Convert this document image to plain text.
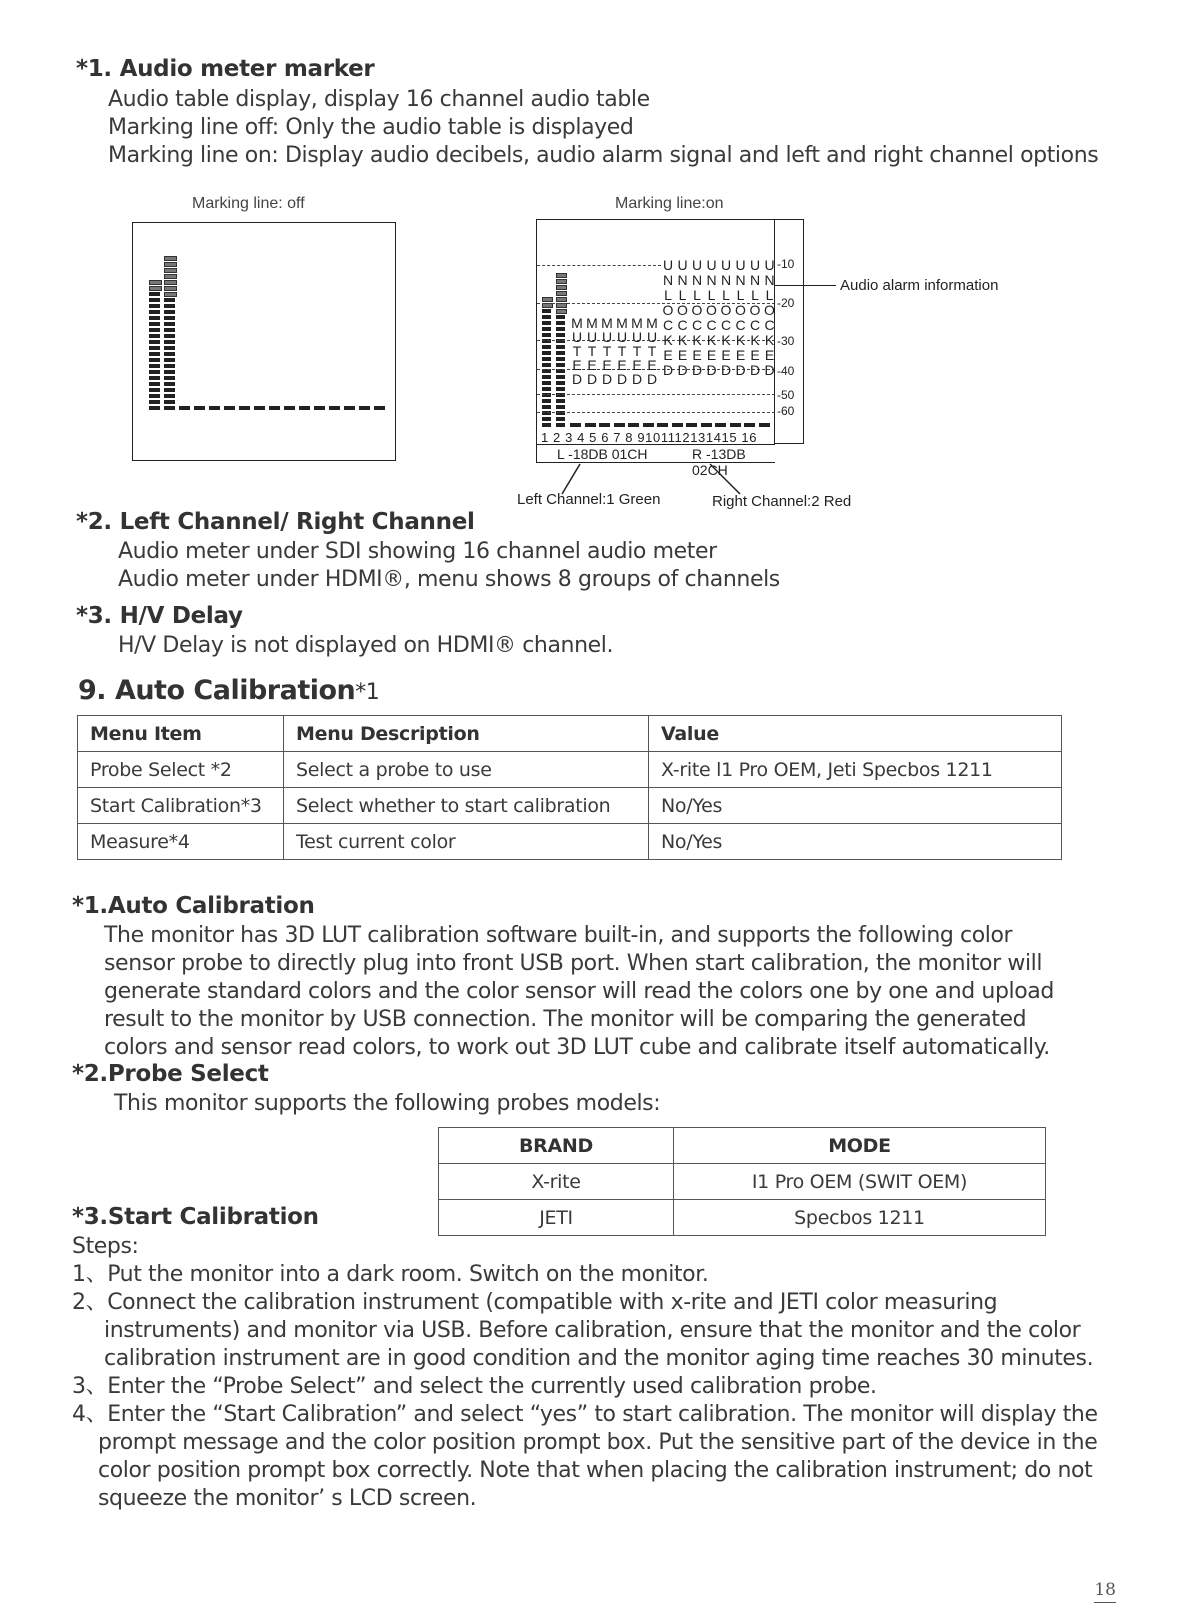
*1. Audio meter marker
Audio table display, display 16 channel audio table
Marking line off: Only the audio table is displayed
Marking line on: Display audio decibels, audio alarm signal and left and right channel options
Marking line: off	Marking line:on
M
U
T
E
D
M
U
T
E
D
M
U
T
E
D
M
U
T
E
D
M
U
T
E
D
M
U
T
E
D
U
N
L
O
C
K
E
D
U
N
L
O
C
K
E
D
U
N
L
O
C
K
E
D
U
N
L
O
C
K
E
D
U
N
L
O
C
K
E
D
U
N
L
O
C
K
E
D
U
N
L
O
C
K
E
D
U
N
L
O
C
K
E
D
1 2 3 4 5 6 7 8 9101112131415 16
L -18DB 01CH	R -13DB 02CH
-10
-20
-30
-40
-50
-60
Audio alarm information
Left Channel:1 Green	Right Channel:2 Red
*2. Left Channel/ Right Channel
Audio meter under SDI showing 16 channel audio meter
Audio meter under HDMI®, menu shows 8 groups of channels
*3. H/V Delay
H/V Delay is not displayed on HDMI® channel.
9. Auto Calibration*1
Menu Item	Menu Description	Value
Probe Select *2	Select a probe to use	X-rite l1 Pro OEM, Jeti Specbos 1211
Start Calibration*3	Select whether to start calibration	No/Yes
Measure*4	Test current color	No/Yes
*1.Auto Calibration
The monitor has 3D LUT calibration software built-in, and supports the following color
sensor probe to directly plug into front USB port. When start calibration, the monitor will
generate standard colors and the color sensor will read the colors one by one and upload
result to the monitor by USB connection. The monitor will be comparing the generated
colors and sensor read colors, to work out 3D LUT cube and calibrate itself automatically.
*2.Probe Select
This monitor supports the following probes models:
BRAND	MODE
X-rite	I1 Pro OEM (SWIT OEM)
JETI	Specbos 1211
*3.Start Calibration
Steps:
1、Put the monitor into a dark room. Switch on the monitor.
2、Connect the calibration instrument (compatible with x-rite and JETI color measuring
instruments) and monitor via USB. Before calibration, ensure that the monitor and the color
calibration instrument are in good condition and the monitor aging time reaches 30 minutes.
3、Enter the “Probe Select” and select the currently used calibration probe.
4、Enter the “Start Calibration” and select “yes” to start calibration. The monitor will display the
prompt message and the color position prompt box. Put the sensitive part of the device in the
color position prompt box correctly. Note that when placing the calibration instrument; do not
squeeze the monitor’ s LCD screen.
18
